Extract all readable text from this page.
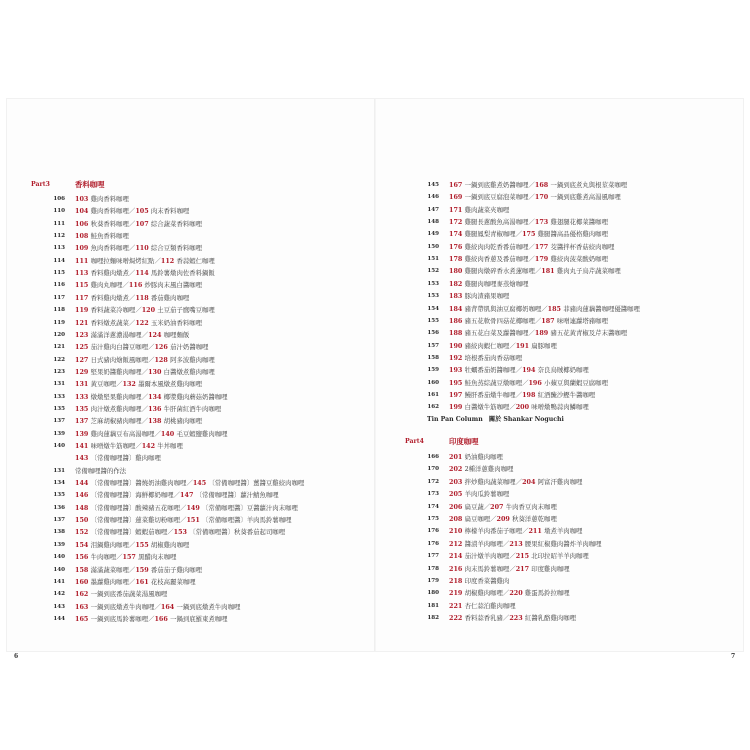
Part3	香料咖哩
106 103 雞肉香料咖哩
110 104 雞肉香料咖哩／105 肉末香料咖哩
111 106 秋葵香料咖哩／107 綜合蔬菜香料咖哩
112 108 鮭魚香料咖哩
113 109 魚肉香料咖哩／110 綜合豆類香料咖哩
114 111 咖哩拉麵味噌焗烤紅點／112 香蒜蝦仁咖哩
115 113 香料雞肉燉煮／114 馬鈴薯燉肉佐香料鍋飯
116 115 雞肉丸咖哩／116 炒豚肉末風白醬咖哩
117 117 香料雞肉燉煮／118 番茄雞肉咖哩
118 119 香料蔬菜冷咖哩／120 土豆茄子鷹嘴豆咖哩
119 121 香料燉煮蔬菜／122 玉米奶油香料咖哩
120 123 滿滿洋蔥濃湯咖哩／124 咖哩麵飯
121 125 茄汁雞肉白醬豆咖哩／126 茄汁奶醬咖哩
122 127 日式豬肉燴飯風咖哩／128 阿多波雞肉咖哩
123 129 堅果奶醬雞肉咖哩／130 白醬燉煮雞肉咖哩
131 131 黃豆咖哩／132 墨爾本風燉煮雞肉咖哩
133 133 燉燉堅果雞肉咖哩／134 椰漿雞肉蘑菇奶醬咖哩
135 135 肉汁燉煮雞肉咖哩／136 牛肝菌紅酒牛肉咖哩
137 137 芝麻胡椒豬肉咖哩／138 胡桃豬肉咖哩
139 139 雞肉蓮藕豆布高湯咖哩／140 毛豆蝦鹽雞肉咖哩
140 141 味噌燉牛筋咖哩／142 牛丼咖哩
143 〔常備咖哩醬〕雞肉咖哩
131 常備咖哩醬的作法
134 144 〔常備咖哩醬〕醬燒奶油雞肉咖哩／145 〔常備咖哩醬〕薑醬豆雞絞肉咖哩
135 146 〔常備咖哩醬〕海鮮椰奶咖哩／147 〔常備咖哩醬〕蘿汁鯖魚咖哩
136 148 〔常備咖哩醬〕酸辣豬五花咖哩／149 〔常備咖哩醬〕豆醬蘿汁肉末咖哩
137 150 〔常備咖哩醬〕蓮菜雞切粉咖哩／151 〔常備咖哩醬〕羊肉馬鈴薯咖哩
138 152 〔常備咖哩醬〕蝦蝦茄咖哩／153 〔常備咖哩醬〕秋葵番茄起司咖哩
139 154 泪鍋雞肉咖哩／155 胡椒雞肉咖哩
140 156 牛肉咖哩／157 黑醋肉末咖哩
140 158 滿滿蔬菜咖哩／159 番茄茄子雞肉咖哩
141 160 墨蘿雞肉咖哩／161 花枝高麗菜咖哩
142 162 一鍋到底番茄蔬菜湯風咖哩
143 163 一鍋到底燉煮牛肉咖哩／164 一鍋到底燉煮牛肉咖哩
144 165 一鍋到底馬鈴薯咖哩／166 一鍋到底羅東煮咖哩
6
145 167 一鍋到底雞煮奶醬咖哩／168 一鍋到底煮丸與根莖菜咖哩
146 169 一鍋到底豆腐泡菜咖哩／170 一鍋到底雞煮高湯風咖哩
147 171 雞肉蔬菜夾咖哩
148 172 雞腿長蔥酸魚高湯咖哩／173 雞翅腿花椰菜醬咖哩
149 174 雞腿鳳梨青椒咖哩／175 雞腿醬高品優格雞肉咖哩
150 176 雞絞肉肉乾香番茄咖哩／177 茭醬拌杯香菇絞肉咖哩
151 178 雞絞肉香蔥及番茄咖哩／179 雞絞肉菠菜酸奶咖哩
152 180 雞腿肉燉碎香水煮蓮咖哩／181 雞肉丸子烏芹蔬菜咖哩
153 182 雞腿肉咖哩麥蒸燴咖哩
153 183 豚肉渣豬果咖哩
154 184 豬背帶肌與油豆腐椰奶咖哩／185 菲豬肉蓮藕醬咖哩優醬咖哩
155 186 豬五花軟骨四菇花椰咖哩／187 味噌連蘿塔豬咖哩
156 188 豬五花白菜及蘿醬咖哩／189 豬五花黃青椒及芹末醬咖哩
157 190 豬絞肉蝦仁咖哩／191 扁豚咖哩
158 192 培根番茄肉香菇咖哩
159 193 牡蠣番茄奶醬咖哩／194 奈良烏賊椰奶咖哩
160 195 鮭魚蒸綜蔬豆燉咖哩／196 小蘋豆與蘭蝦豆腐咖哩
161 197 鰻肝番茄燉牛咖哩／198 紅酒醃沙鰹牛醬咖哩
162 199 白醬燉牛筋咖哩／200 味噌燉鴨蒜肉鱗咖哩
Tin Pan Column　關於 Shankar Noguchi
Part4	印度咖哩
166 201 奶油雞肉咖哩
170 202 2種洋蔥雞肉咖哩
172 203 拌炒雞肉蔬菜咖哩／204 阿富汗雞肉咖哩
173 205 羊肉瓜鈴薯咖哩
174 206 扁豆蔬／207 牛肉香豆肉末咖哩
175 208 扁豆咖哩／209 秋葵洋蔥乾咖哩
176 210 檸檬羊肉番茄子咖哩／211 墩煮羊肉咖哩
176 212 醬漬羊肉咖哩／213 腰果紅椒雞肉醬炸羊肉咖哩
177 214 茄汁燉羊肉咖哩／215 北印拉昭羊羊肉咖哩
178 216 肉末馬鈴薯咖哩／217 印度雞肉咖哩
179 218 印度香菜醬雞肉
180 219 胡椒雞肉咖哩／220 雞蛋馬鈴拉咖哩
181 221 杏仁蒜泊雞肉咖哩
182 222 香料蒜香乳豬／223 紅醬乳酪雞肉咖哩
7
